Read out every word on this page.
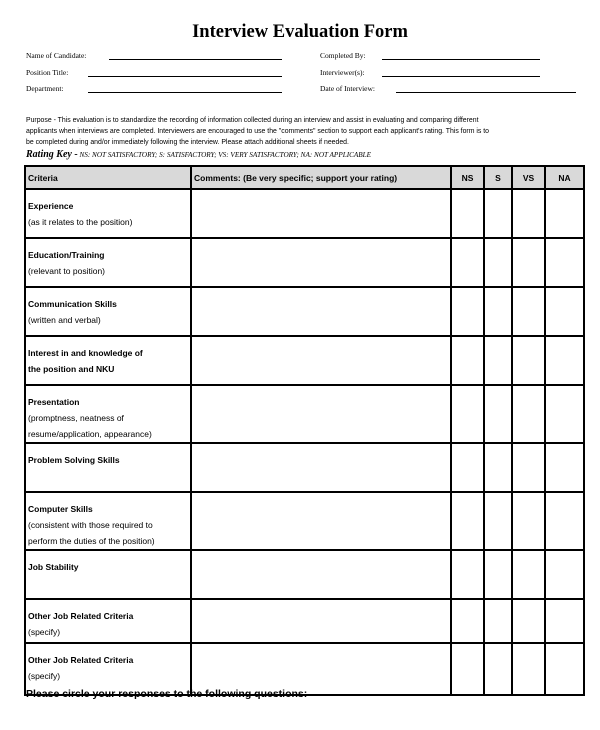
Interview Evaluation Form
Name of Candidate:	Completed By:
Position Title:	Interviewer(s):
Department:	Date of Interview:
Purpose - This evaluation is to standardize the recording of information collected during an interview and assist in evaluating and comparing different
applicants when interviews are completed. Interviewers are encouraged to use the "comments" section to support each applicant's rating. This form is to
be completed during and/or immediately following the interview. Please attach additional sheets if needed.
Rating Key - NS: NOT SATISFACTORY; S: SATISFACTORY; VS: VERY SATISFACTORY; NA: NOT APPLICABLE
Criteria	Comments: (Be very specific; support your rating)	NS	S	VS	NA

Experience
(as it relates to the position)					

Education/Training
(relevant to position)					

Communication Skills
(written and verbal)					

Interest in and knowledge of
the position and NKU					

Presentation
(promptness, neatness of
resume/application, appearance)					

Problem Solving Skills					

Computer Skills
(consistent with those required to
perform the duties of the position)					

Job Stability					

Other Job Related Criteria
(specify)					

Other Job Related Criteria
(specify)					

Please circle your responses to the following questions:
